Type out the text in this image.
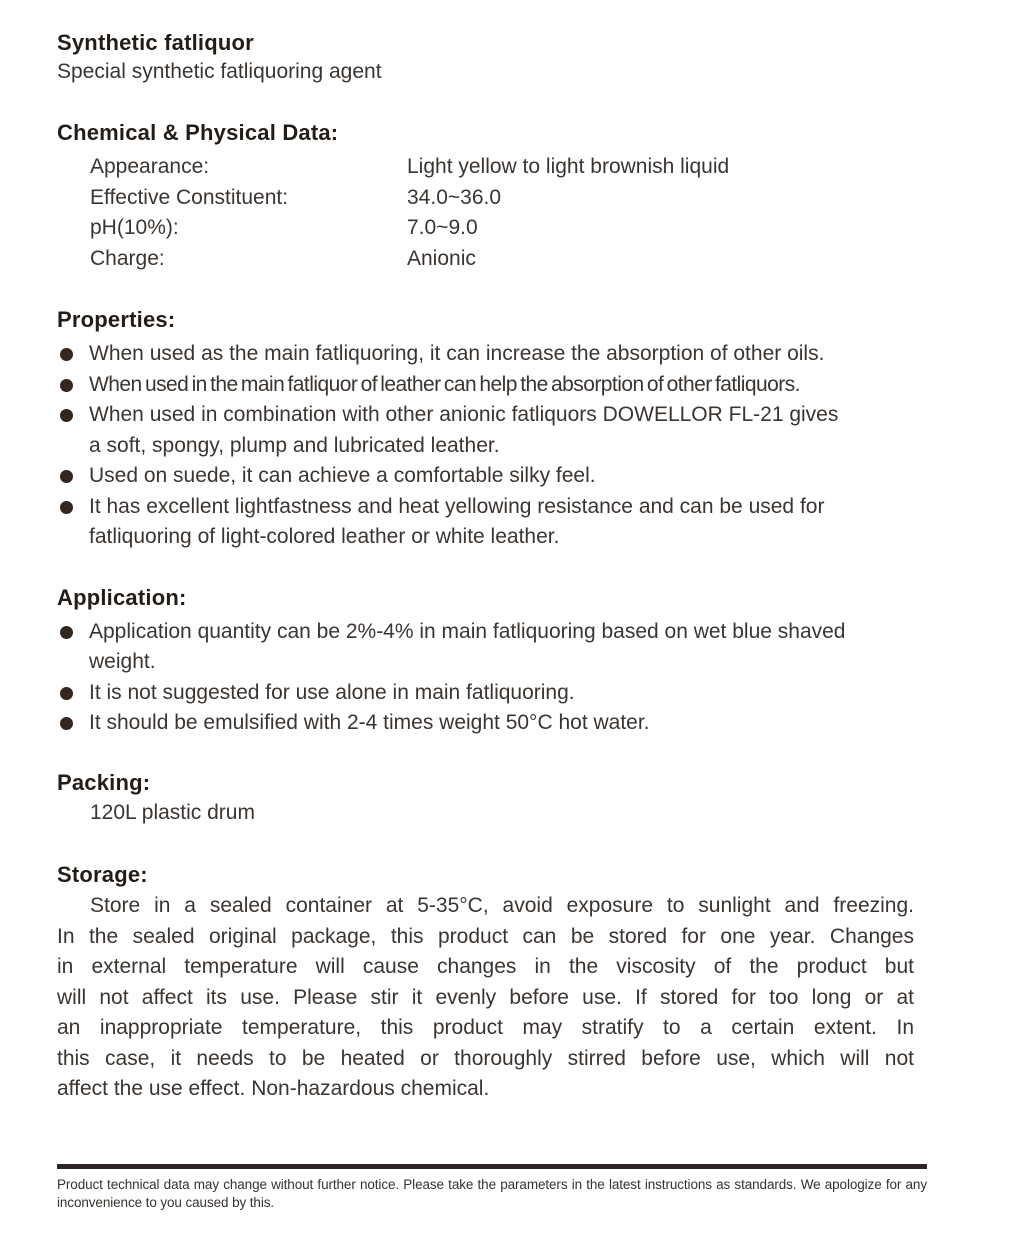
Synthetic fatliquor

Special synthetic fatliquoring agent

Chemical & Physical Data:
Appearance:	Light yellow to light brownish liquid
Effective Constituent:	34.0~36.0
pH(10%):	7.0~9.0
Charge:	Anionic
Properties:
When used as the main fatliquoring, it can increase the absorption of other oils.
When used in the main fatliquor of leather can help the absorption of other fatliquors.
When used in combination with other anionic fatliquors DOWELLOR FL-21 gives
a soft, spongy, plump and lubricated leather.
Used on suede, it can achieve a comfortable silky feel.
It has excellent lightfastness and heat yellowing resistance and can be used for
fatliquoring of light-colored leather or white leather.
Application:
Application quantity can be 2%-4% in main fatliquoring based on wet blue shaved
weight.
It is not suggested for use alone in main fatliquoring.
It should be emulsified with 2-4 times weight 50°C hot water.
Packing:

120L plastic drum

Storage:
Store in a sealed container at 5-35°C, avoid exposure to sunlight and freezing.
In the sealed original package, this product can be stored for one year. Changes
in external temperature will cause changes in the viscosity of the product but
will not affect its use. Please stir it evenly before use. If stored for too long or at
an inappropriate temperature, this product may stratify to a certain extent. In
this case, it needs to be heated or thoroughly stirred before use, which will not
affect the use effect. Non-hazardous chemical.
Product technical data may change without further notice. Please take the parameters in the latest instructions as standards. We apologize for any
inconvenience to you caused by this.
